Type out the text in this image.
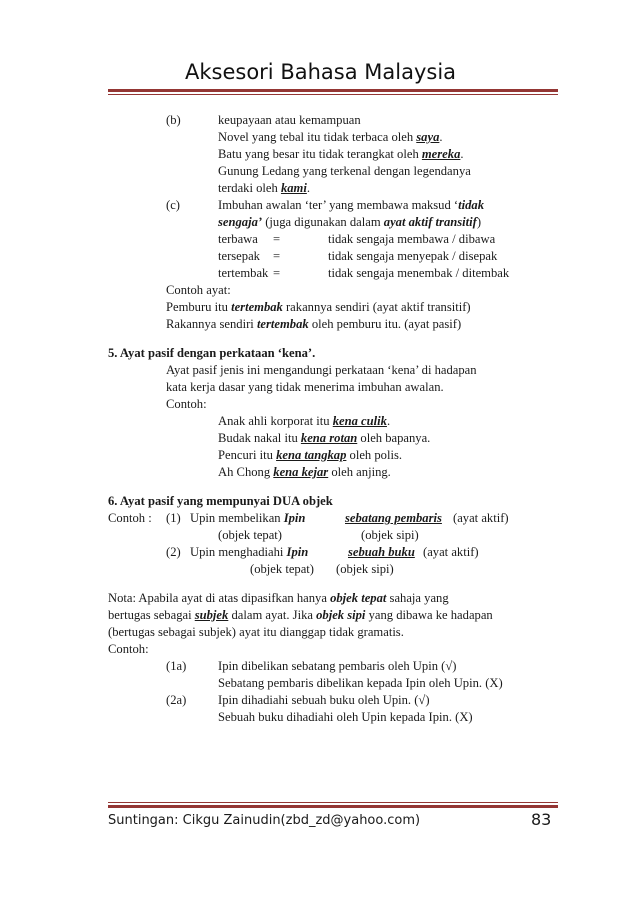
Aksesori Bahasa Malaysia
(b)	keupayaan atau kemampuan
Novel yang tebal itu tidak terbaca oleh saya.
Batu yang besar itu tidak terangkat oleh mereka.
Gunung Ledang yang terkenal dengan legendanya
terdaki oleh kami.
(c)	Imbuhan awalan ‘ter’ yang membawa maksud ‘tidak
sengaja’ (juga digunakan dalam ayat aktif transitif)
terbawa =	tidak sengaja membawa / dibawa
tersepak =	tidak sengaja menyepak / disepak
tertembak =	tidak sengaja menembak / ditembak
Contoh ayat:
Pemburu itu tertembak rakannya sendiri (ayat aktif transitif)
Rakannya sendiri tertembak oleh pemburu itu. (ayat pasif)
5. Ayat pasif dengan perkataan ‘kena’.
Ayat pasif jenis ini mengandungi perkataan ‘kena’ di hadapan
kata kerja dasar yang tidak menerima imbuhan awalan.
Contoh:
Anak ahli korporat itu kena culik.
Budak nakal itu kena rotan oleh bapanya.
Pencuri itu kena tangkap oleh polis.
Ah Chong kena kejar oleh anjing.
6. Ayat pasif yang mempunyai DUA objek
Contoh : (1) Upin membelikan Ipin	sebatang pembaris (ayat aktif)
(objek tepat)	(objek sipi)
(2) Upin menghadiahi Ipin	sebuah buku (ayat aktif)
(objek tepat) (objek sipi)
Nota: Apabila ayat di atas dipasifkan hanya objek tepat sahaja yang
bertugas sebagai subjek dalam ayat. Jika objek sipi yang dibawa ke hadapan
(bertugas sebagai subjek) ayat itu dianggap tidak gramatis.
Contoh:
(1a)	Ipin dibelikan sebatang pembaris oleh Upin (√)
Sebatang pembaris dibelikan kepada Ipin oleh Upin. (X)
(2a)	Ipin dihadiahi sebuah buku oleh Upin. (√)
Sebuah buku dihadiahi oleh Upin kepada Ipin. (X)
Suntingan: Cikgu Zainudin(zbd_zd@yahoo.com)	83
